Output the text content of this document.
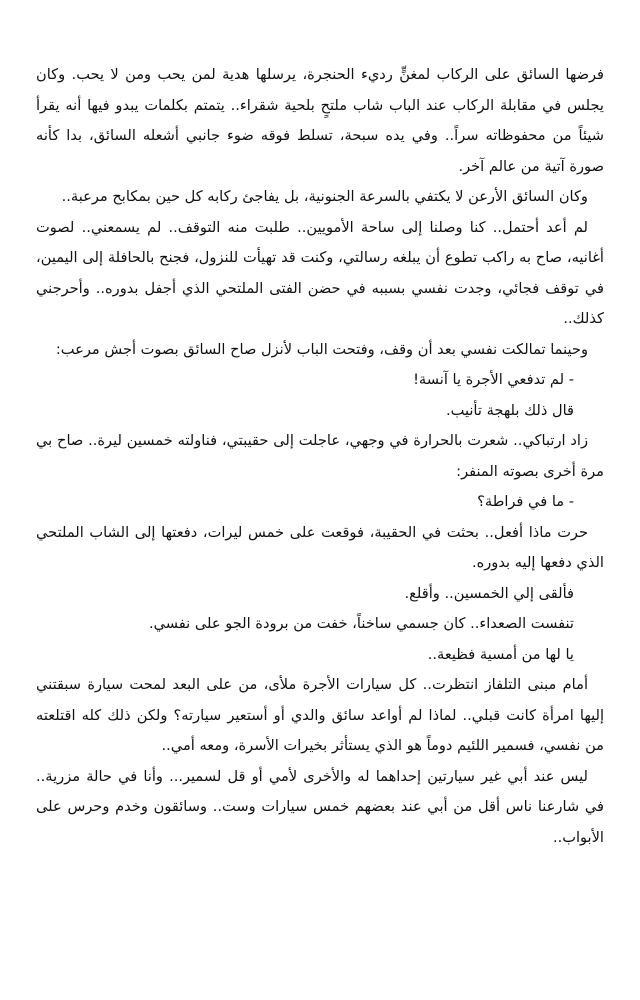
فرضها السائق على الركاب لمغنٍّ رديء الحنجرة، يرسلها هدية لمن يحب ومن لا يحب. وكان يجلس في مقابلة الركاب عند الباب شاب ملتحٍ بلحية شقراء.. يتمتم بكلمات يبدو فيها أنه يقرأ شيئاً من محفوظاته سراً.. وفي يده سبحة، تسلط فوقه ضوء جانبي أشعله السائق، بدا كأنه صورة آتية من عالم آخر.

وكان السائق الأرعن لا يكتفي بالسرعة الجنونية، بل يفاجئ ركابه كل حين بمكابح مرعبة..

لم أعد أحتمل.. كنا وصلنا إلى ساحة الأمويين.. طلبت منه التوقف.. لم يسمعني.. لصوت أغانيه، صاح به راكب تطوع أن يبلغه رسالتي، وكنت قد تهيأت للنزول، فجنح بالحافلة إلى اليمين، في توقف فجائي، وجدت نفسي بسببه في حضن الفتى الملتحي الذي أجفل بدوره.. وأحرجني كذلك..

وحينما تمالكت نفسي بعد أن وقف، وفتحت الباب لأنزل صاح السائق بصوت أجش مرعب:

- لم تدفعي الأجرة يا آنسة!

قال ذلك بلهجة تأنيب.

زاد ارتباكي.. شعرت بالحرارة في وجهي، عاجلت إلى حقيبتي، فناولته خمسين ليرة.. صاح بي مرة أخرى بصوته المنفر:

- ما في فراطة؟

حرت ماذا أفعل.. بحثت في الحقيبة، فوقعت على خمس ليرات، دفعتها إلى الشاب الملتحي الذي دفعها إليه بدوره.

فألقى إلي الخمسين.. وأقلع.

تنفست الصعداء.. كان جسمي ساخناً، خفت من برودة الجو على نفسي.

يا لها من أمسية فظيعة..

أمام مبنى التلفاز انتظرت.. كل سيارات الأجرة ملأى، من على البعد لمحت سيارة سبقتني إليها امرأة كانت قبلي.. لماذا لم أواعد سائق والدي أو أستعير سيارته؟ ولكن ذلك كله اقتلعته من نفسي، فسمير اللئيم دوماً هو الذي يستأثر بخيرات الأسرة، ومعه أمي..

ليس عند أبي غير سيارتين إحداهما له والأخرى لأمي أو قل لسمير... وأنا في حالة مزرية.. في شارعنا ناس أقل من أبي عند بعضهم خمس سيارات وست.. وسائقون وخدم وحرس على الأبواب..
